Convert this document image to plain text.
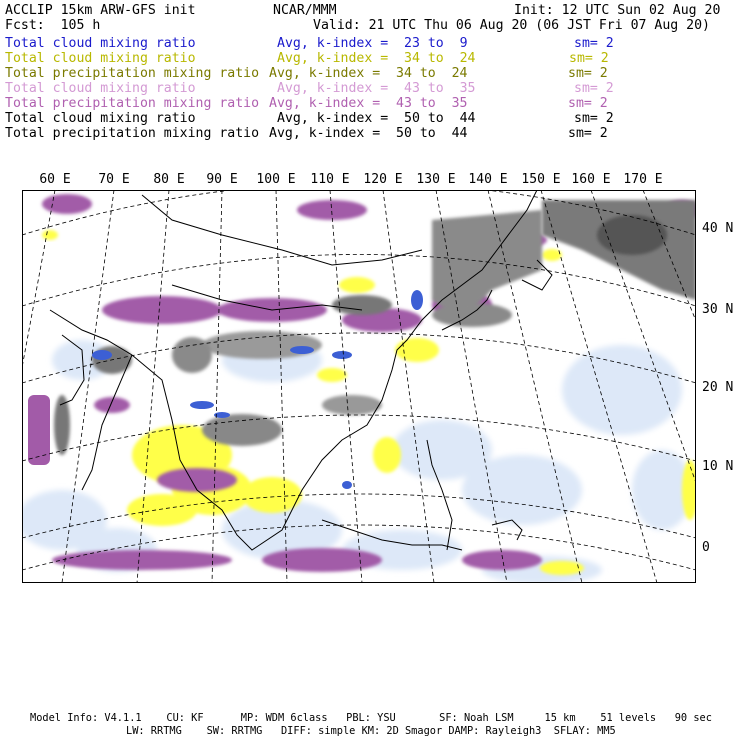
ACCLIP 15km ARW-GFS init	NCAR/MMM	Init: 12 UTC Sun 02 Aug 20
Fcst:  105 h	Valid: 21 UTC Thu 06 Aug 20 (06 JST Fri 07 Aug 20)
Total cloud mixing ratio	Avg, k-index =  23 to  9	sm= 2
Total cloud mixing ratio	Avg, k-index =  34 to  24	sm= 2
Total precipitation mixing ratio Avg, k-index =  34 to  24	sm= 2
Total cloud mixing ratio	Avg, k-index =  43 to  35	sm= 2
Total precipitation mixing ratio Avg, k-index =  43 to  35	sm= 2
Total cloud mixing ratio	Avg, k-index =  50 to  44	sm= 2
Total precipitation mixing ratio Avg, k-index =  50 to  44	sm= 2
60 E 70 E 80 E 90 E 100 E 110 E 120 E 130 E 140 E 150 E 160 E 170 E
40 N
30 N
20 N
10 N
0
Model Info: V4.1.1    CU: KF      MP: WDM 6class   PBL: YSU       SF: Noah LSM     15 km    51 levels   90 sec
LW: RRTMG    SW: RRTMG   DIFF: simple KM: 2D Smagor DAMP: Rayleigh3  SFLAY: MM5
